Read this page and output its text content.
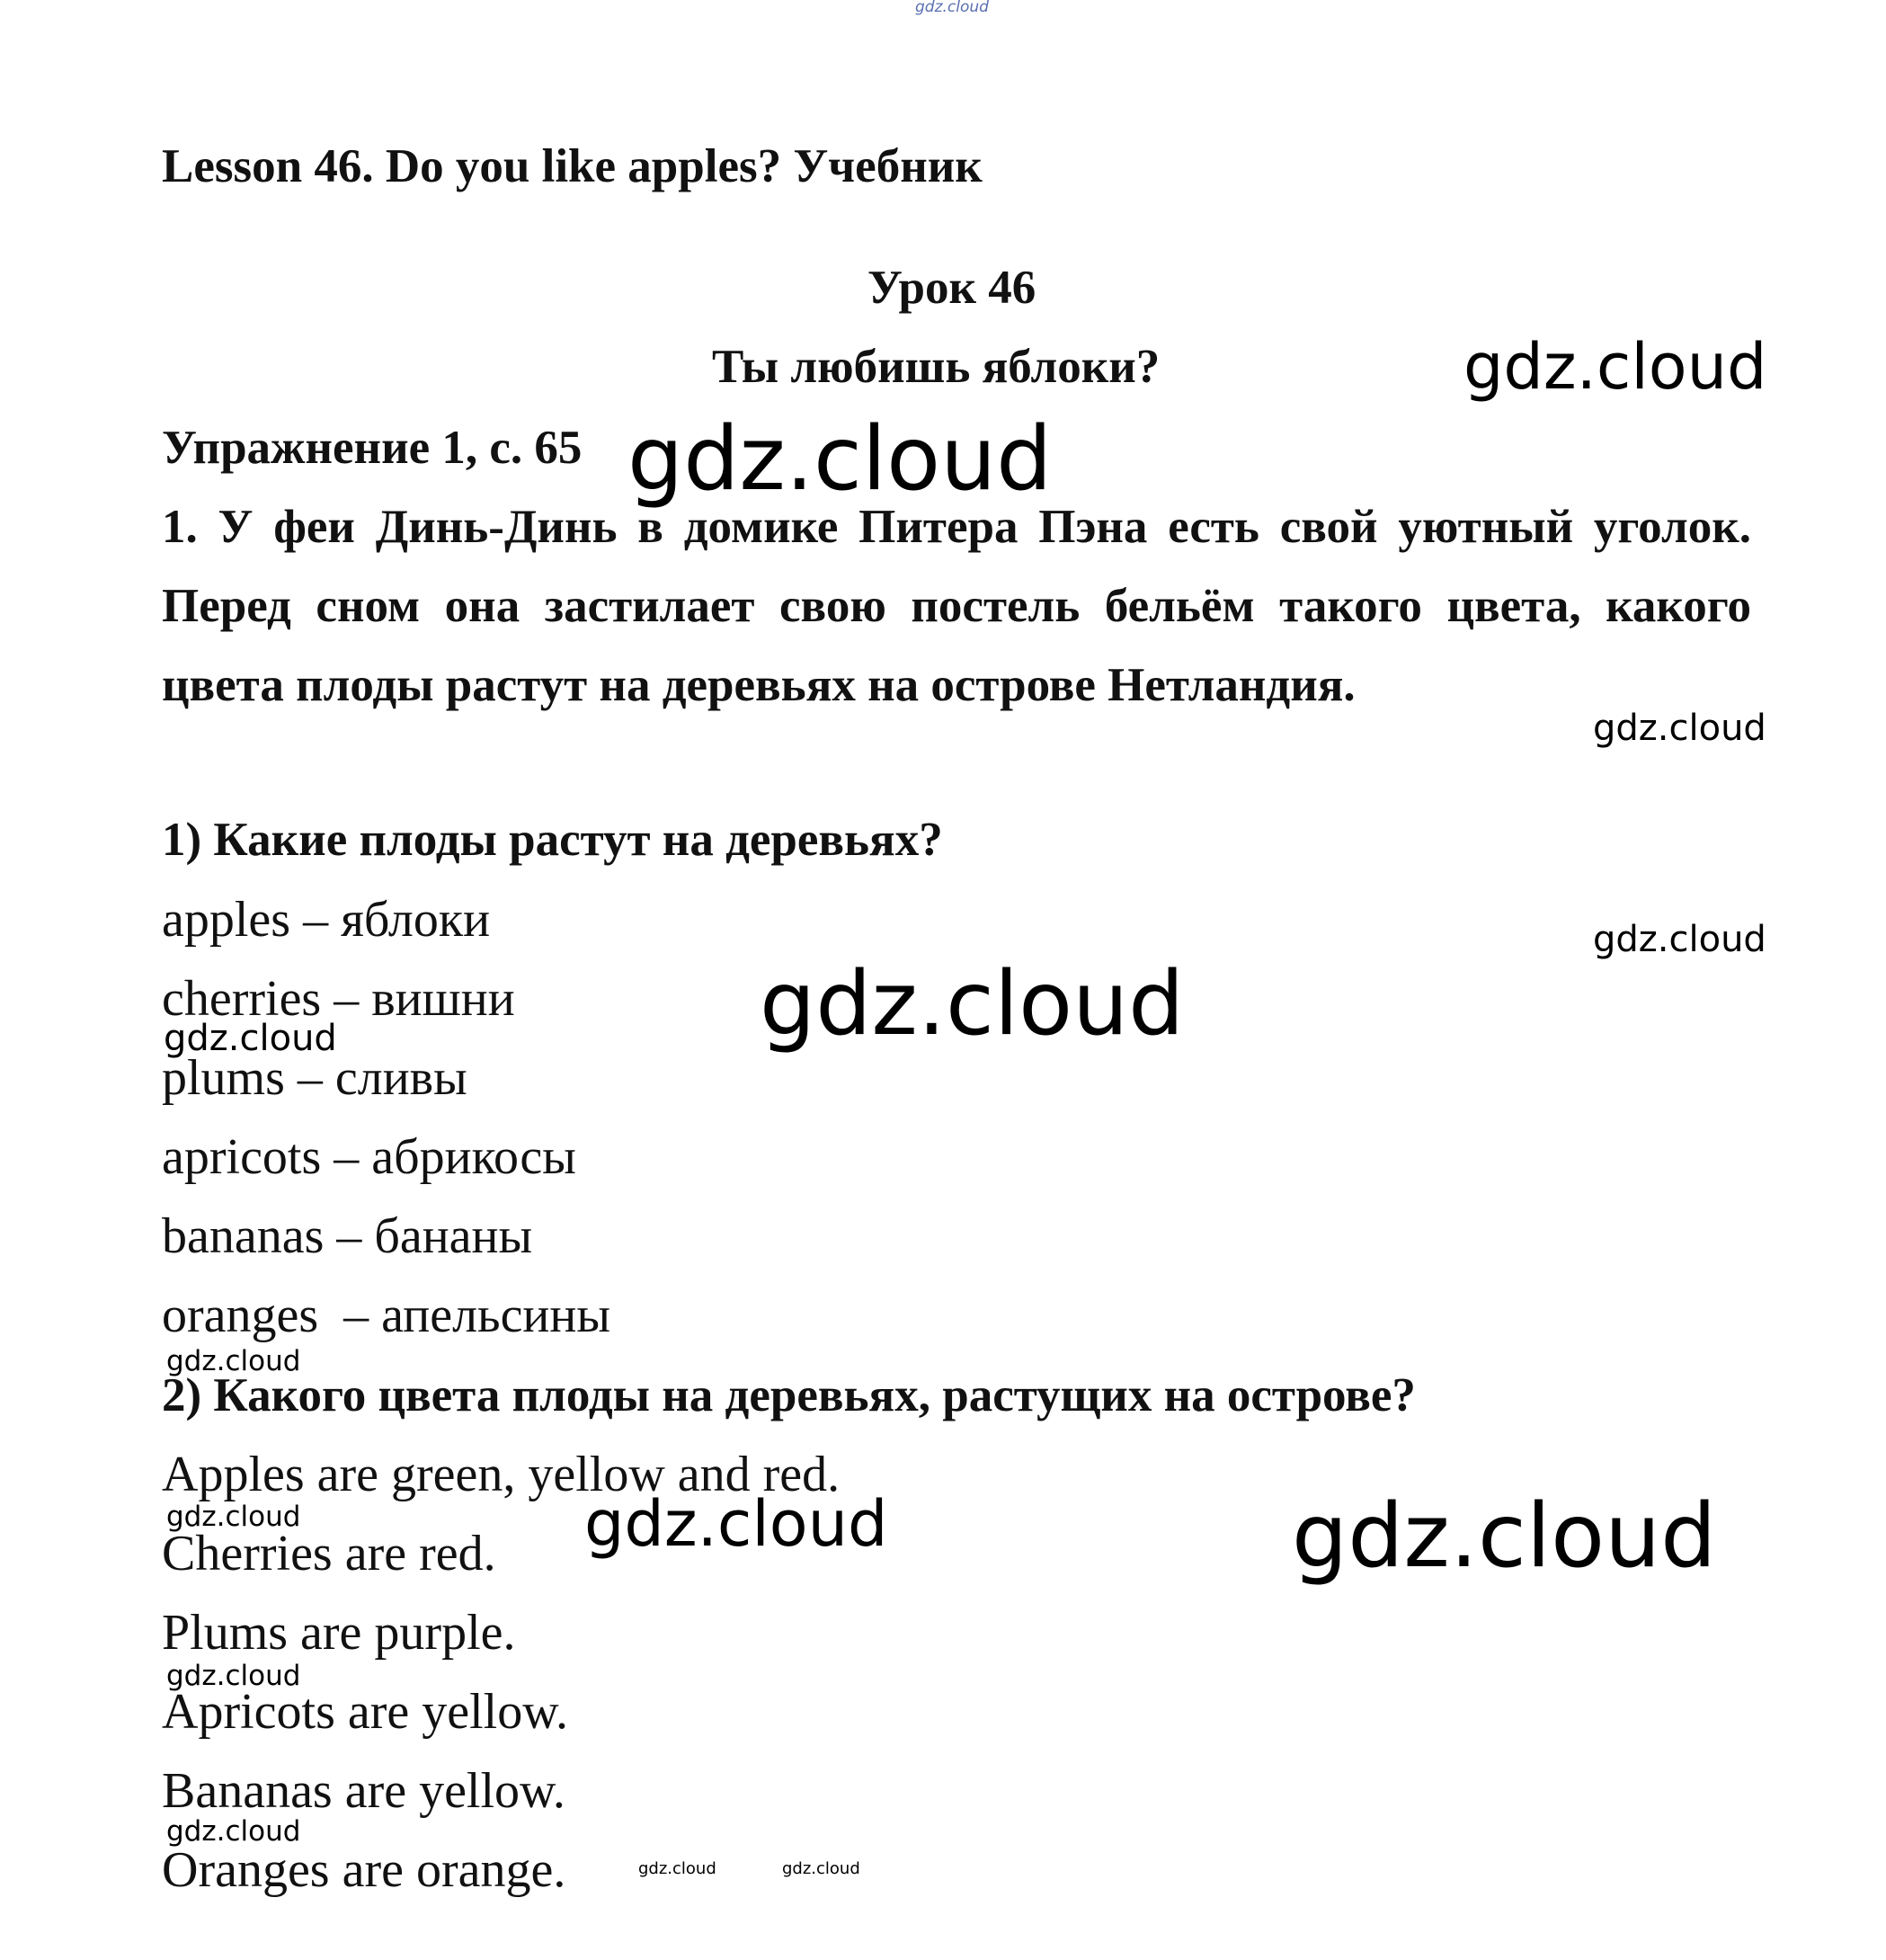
gdz.cloud
Lesson 46. Do you like apples? Учебник
Урок 46
Ты любишь яблоки?	gdz.cloud
Упражнение 1, с. 65 gdz.cloud
1. У феи Динь-Динь в домике Питера Пэна есть свой уютный уголок. Перед сном она застилает свою постель бельём такого цвета, какого цвета плоды растут на деревьях на острове Нетландия.
gdz.cloud
1) Какие плоды растут на деревьях?
apples – яблоки	gdz.cloud
cherries – вишни	gdz.cloud
gdz.cloud
plums – сливы
apricots – абрикосы
bananas – бананы
oranges  – апельсины
gdz.cloud
2) Какого цвета плоды на деревьях, растущих на острове?
Apples are green, yellow and red.
gdz.cloud	gdz.cloud	gdz.cloud
Cherries are red.
Plums are purple.
gdz.cloud
Apricots are yellow.
Bananas are yellow.
gdz.cloud
Oranges are orange.	gdz.cloud	gdz.cloud
